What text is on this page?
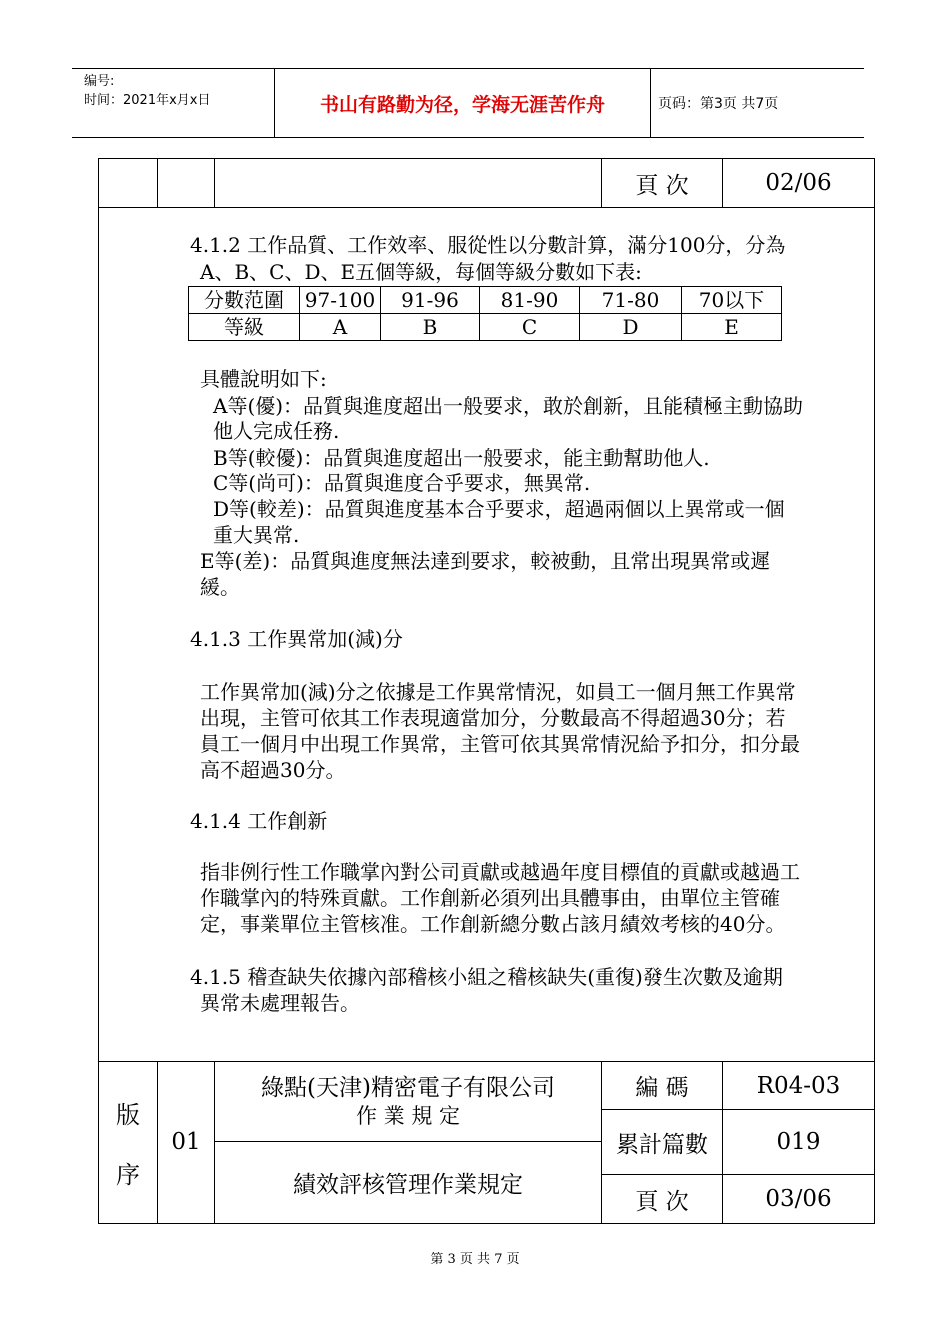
编号:
时间：2021年x月x日	书山有路勤为径，学海无涯苦作舟	页码：第3页 共7页
頁 次	02/06
版
序
01
綠點(天津)精密電子有限公司
作 業 規 定
績效評核管理作業規定
編 碼	R04-03
累計篇數	019
頁 次	03/06
4.1.2 工作品質、工作效率、服從性以分數計算，滿分100分，分為
A、B、C、D、E五個等級，每個等級分數如下表:
分數范圍	97-100	91-96	81-90	71-80	70以下
等級	A	B	C	D	E
具體說明如下:
A等(優)：品質與進度超出一般要求，敢於創新，且能積極主動協助
他人完成任務.
B等(較優)：品質與進度超出一般要求，能主動幫助他人.
C等(尚可)：品質與進度合乎要求，無異常.
D等(較差)：品質與進度基本合乎要求，超過兩個以上異常或一個
重大異常.
E等(差)：品質與進度無法達到要求，較被動，且常出現異常或遲
緩。
4.1.3 工作異常加(減)分
工作異常加(減)分之依據是工作異常情況，如員工一個月無工作異常
出現，主管可依其工作表現適當加分，分數最高不得超過30分；若
員工一個月中出現工作異常，主管可依其異常情況給予扣分，扣分最
高不超過30分。
4.1.4 工作創新
指非例行性工作職掌內對公司貢獻或越過年度目標值的貢獻或越過工
作職掌內的特殊貢獻。工作創新必須列出具體事由，由單位主管確
定，事業單位主管核准。工作創新總分數占該月績效考核的40分。
4.1.5 稽查缺失依據內部稽核小組之稽核缺失(重復)發生次數及逾期
異常未處理報告。
第 3 页 共 7 页
